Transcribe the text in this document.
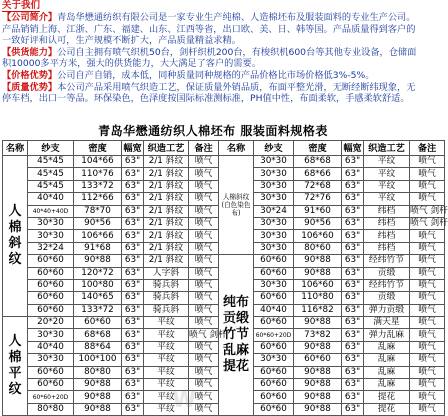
关于我们
【公司简介】青岛华懋通纺织有限公司是一家专业生产纯棉、人造棉坯布及服装面料的专业生产公司。产品销销上海、江浙、广东、福建、山东、江西等省，出口欧、美、日、韩等国。产品质量得到客户的一致好评和认可，生产规模不断扩大，产品质量精益求精。
【供货能力】公司自主拥有喷气织机50台，剑杆织机200台，有梭织机600台等其他专业设备，仓储面积10000多平方米，强大的供货能力，大大满足了客户的需要。
【价格优势】公司自产自销，成本低，同种质量同种规格的产品价格比市场价格低3%-5%。
【质量优势】本公司产品采用喷气织造工艺，保证质量外销品质，布面平整光滑，无断经断纬现象，无停车档，出口一等品。环保染色，色泽度按国际标准测标准，PH值中性，布面柔软，手感柔软舒适。
青岛华懋通纺织人棉坯布 服装面料规格表
名称	纱支	密度	幅宽	织造工艺	备注	名称	纱支	密度	幅宽	织造工艺	备注
人棉斜纹	45*45	104*66	63"	2/1 斜纹	喷气	人棉斜纹(白色染色布)	30*30	68*68	63"	平纹	喷气
	45*45	110*76	63"	2/1 斜纹	喷气		30*30	68*66	63"	平纹	喷气
	45*45	133*72	63"	2/1 斜纹	喷气		30*30	72*68	63"	平纹	喷气
	40*40	112*66	63"	2/1 斜纹	喷气		30*30	72*76	63"	平纹	喷气
	40*40+40D	78*70	63"	2/1 斜纹	喷气		30*24	91*60	63"	纬档	喷气 剑杆
	30*30	90*56	63"	2/1 斜纹	喷气		30*30	90*56	63"	纬档	喷气 剑杆
	30*30	106*66	63"	2/1 斜纹	喷气		30*30	106*60	63"	纬档	喷气
	32*24	91*68	63"	2/1 斜纹	喷气		30*30	80*60	63"	纬档	喷气
	60*60	90*88	63"	2/1 斜纹	喷气	纯布贡缎竹节乱麻提花	60*60	90*88	63"	经纬竹节	喷气
	60*60	120*72	63"	人字斜	喷气		60*60	90*88	63"	贡缎	喷气
	60*60	100*80	63"	骑兵斜	喷气		30*30	106*60	63"	经纬竹节	喷气
	60*60	140*65	63"	骑兵斜	喷气		60*60	110*80	63"	贡缎	喷气
	60*60	133*72	63"	骑兵斜	喷气		40*40	116*82	63"	弹力贡缎	喷气
人棉平纹	20*20	60*60	63"	平纹	喷气		60*60	90*88	63"	满天星	喷气
	30*30	68*68	63"	平纹	喷气 剑杆		60*60+20D	73*82	63"	弹力乱麻	喷气
	40*40	88*64	63"	平纹	喷气		60*60	90*88	63"	乱麻	喷气
	30*30	100*100	63"	平纹	喷气		30*30	60*60	63"	乱麻	喷气
	60*60	80*80	63"	平纹	喷气		60*60	90*88	63"	乱麻	喷气
	60*60	90*88	63"	平纹	喷气		60*60	90*88	63"	乱麻	喷气
	60*60+20D	90*88	63"	平纹	喷气		60*60	90*88	63"	提花	喷气
	80*80	90*88	63"	平纹	喷气		60*60	90*88	63"	提花	喷气
W
